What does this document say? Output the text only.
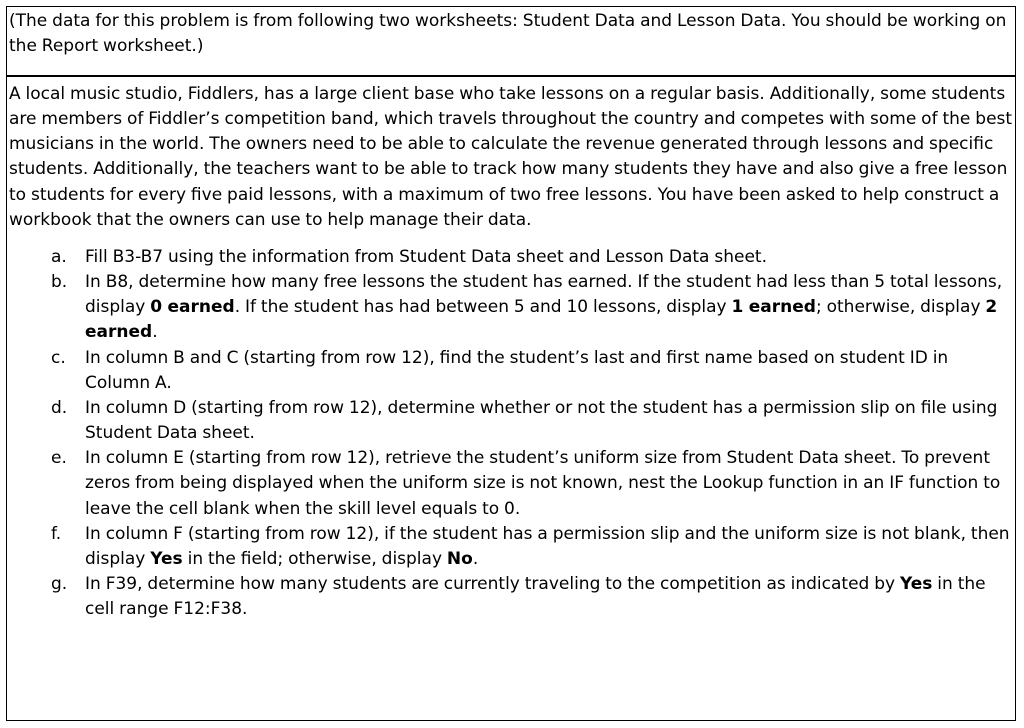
(The data for this problem is from following two worksheets: Student Data and Lesson Data. You should be working on the Report worksheet.)

A local music studio, Fiddlers, has a large client base who take lessons on a regular basis. Additionally, some students are members of Fiddler’s competition band, which travels throughout the country and competes with some of the best musicians in the world. The owners need to be able to calculate the revenue generated through lessons and specific students. Additionally, the teachers want to be able to track how many students they have and also give a free lesson to students for every five paid lessons, with a maximum of two free lessons. You have been asked to help construct a workbook that the owners can use to help manage their data.

a.	Fill B3-B7 using the information from Student Data sheet and Lesson Data sheet.
b.	In B8, determine how many free lessons the student has earned. If the student had less than 5 total lessons, display 0 earned. If the student has had between 5 and 10 lessons, display 1 earned; otherwise, display 2 earned.
c.	In column B and C (starting from row 12), find the student’s last and first name based on student ID in Column A.
d.	In column D (starting from row 12), determine whether or not the student has a permission slip on file using Student Data sheet.
e.	In column E (starting from row 12), retrieve the student’s uniform size from Student Data sheet. To prevent zeros from being displayed when the uniform size is not known, nest the Lookup function in an IF function to leave the cell blank when the skill level equals to 0.
f.	In column F (starting from row 12), if the student has a permission slip and the uniform size is not blank, then display Yes in the field; otherwise, display No.
g.	In F39, determine how many students are currently traveling to the competition as indicated by Yes in the cell range F12:F38.
